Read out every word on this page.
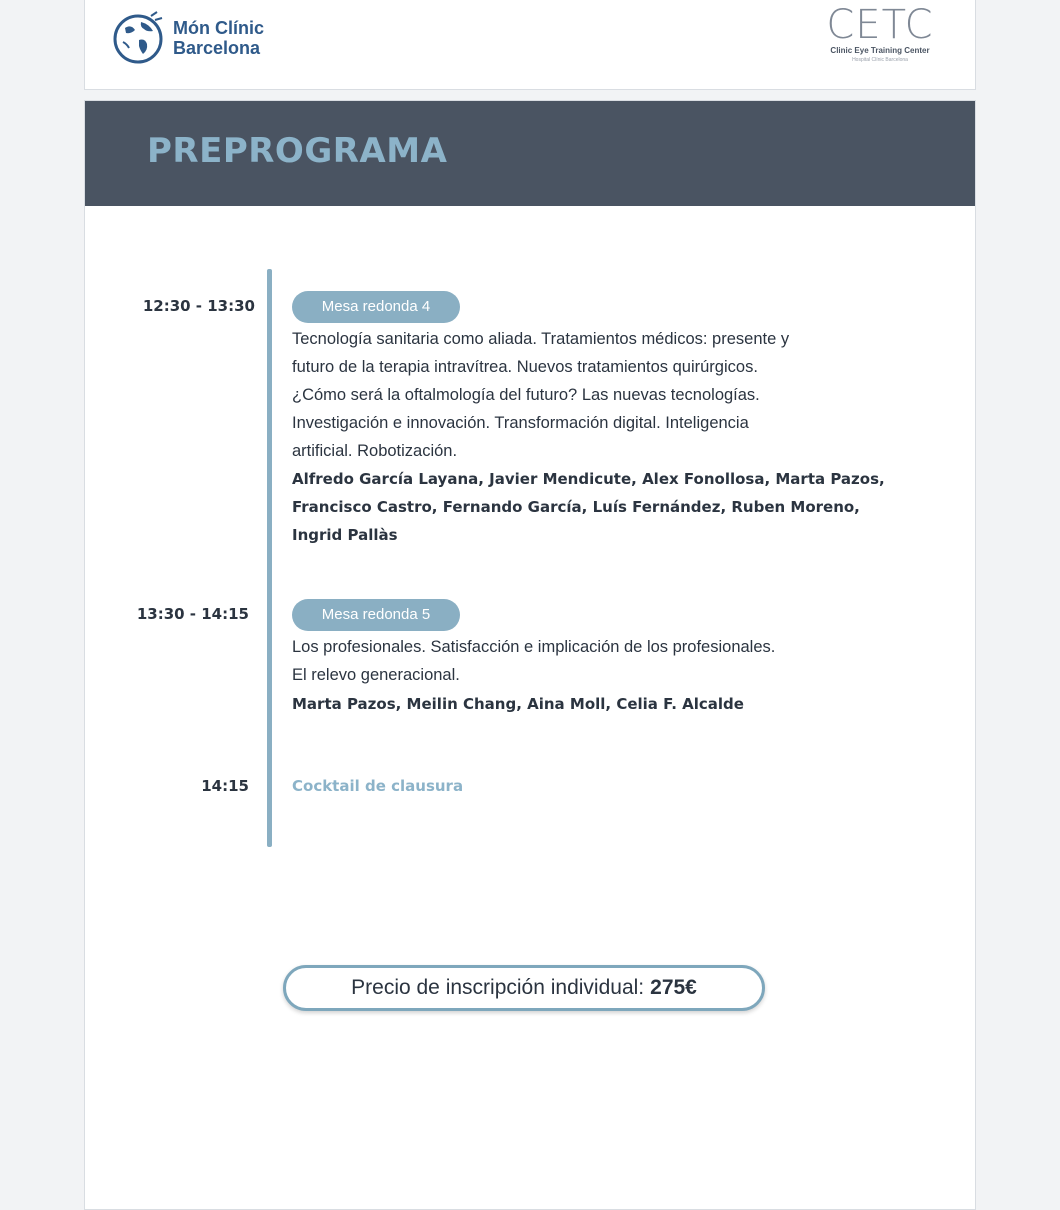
Món Clínic
Barcelona	CETC
Clinic Eye Training Center
Hospital Clínic Barcelona
PREPROGRAMA
12:30 - 13:30	Mesa redonda 4
Tecnología sanitaria como aliada. Tratamientos médicos: presente y
futuro de la terapia intravítrea. Nuevos tratamientos quirúrgicos.
¿Cómo será la oftalmología del futuro? Las nuevas tecnologías.
Investigación e innovación. Transformación digital. Inteligencia
artificial. Robotización.
Alfredo García Layana, Javier Mendicute, Alex Fonollosa, Marta Pazos,
Francisco Castro, Fernando García, Luís Fernández, Ruben Moreno,
Ingrid Pallàs
13:30 - 14:15	Mesa redonda 5
Los profesionales. Satisfacción e implicación de los profesionales.
El relevo generacional.
Marta Pazos, Meilin Chang, Aina Moll, Celia F. Alcalde
14:15	Cocktail de clausura
Precio de inscripción individual: 275€
